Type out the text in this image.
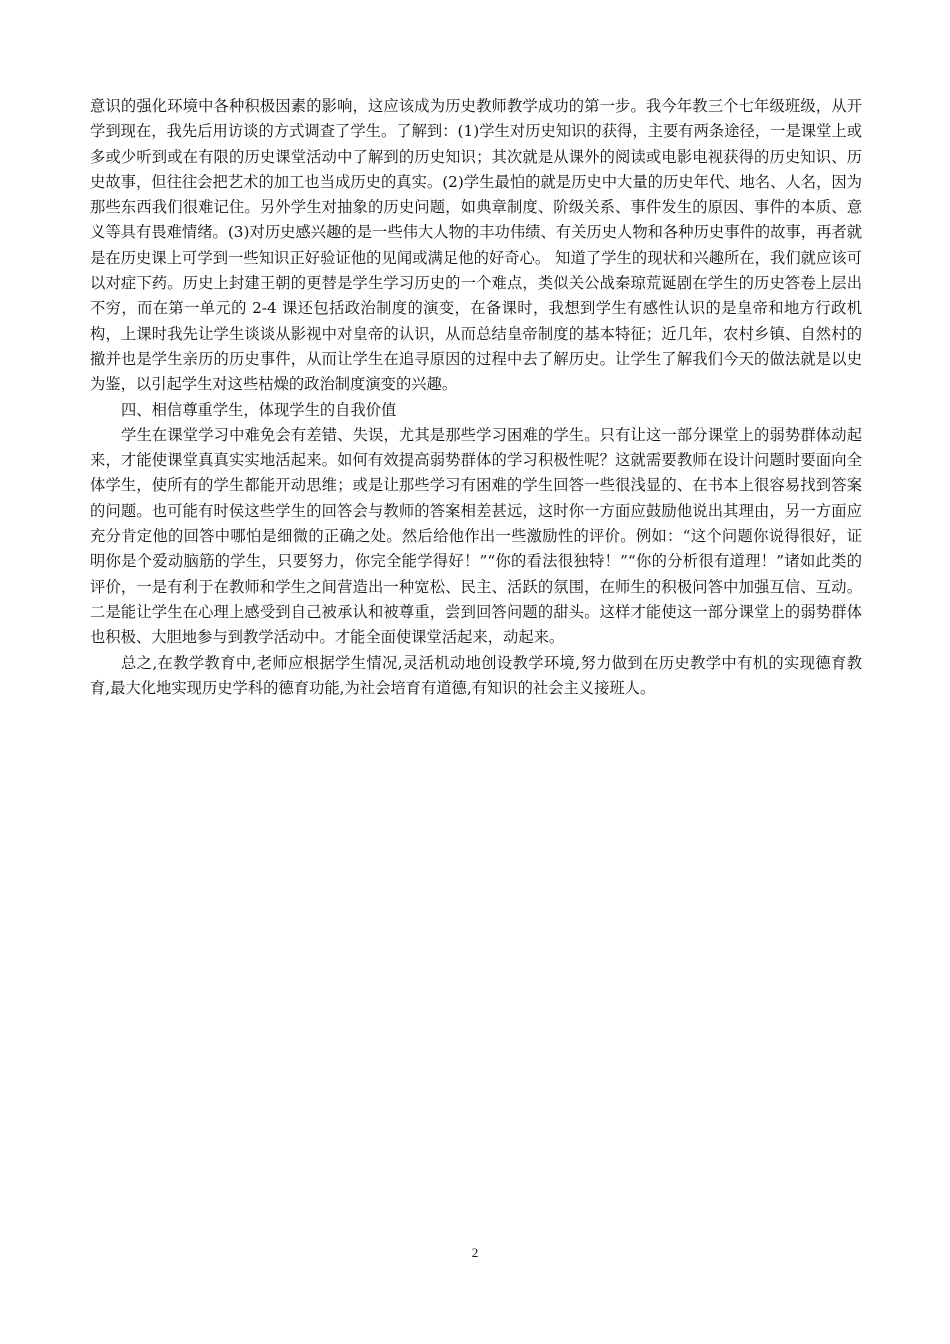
意识的强化环境中各种积极因素的影响，这应该成为历史教师教学成功的第一步。我今年教三个七年级班级，从开学到现在，我先后用访谈的方式调查了学生。了解到：(1)学生对历史知识的获得，主要有两条途径，一是课堂上或多或少听到或在有限的历史课堂活动中了解到的历史知识；其次就是从课外的阅读或电影电视获得的历史知识、历史故事，但往往会把艺术的加工也当成历史的真实。(2)学生最怕的就是历史中大量的历史年代、地名、人名，因为那些东西我们很难记住。另外学生对抽象的历史问题，如典章制度、阶级关系、事件发生的原因、事件的本质、意义等具有畏难情绪。(3)对历史感兴趣的是一些伟大人物的丰功伟绩、有关历史人物和各种历史事件的故事，再者就是在历史课上可学到一些知识正好验证他的见闻或满足他的好奇心。 知道了学生的现状和兴趣所在，我们就应该可以对症下药。历史上封建王朝的更替是学生学习历史的一个难点，类似关公战秦琼荒诞剧在学生的历史答卷上层出不穷，而在第一单元的 2-4 课还包括政治制度的演变，在备课时，我想到学生有感性认识的是皇帝和地方行政机构，上课时我先让学生谈谈从影视中对皇帝的认识，从而总结皇帝制度的基本特征；近几年，农村乡镇、自然村的撤并也是学生亲历的历史事件，从而让学生在追寻原因的过程中去了解历史。让学生了解我们今天的做法就是以史为鉴，以引起学生对这些枯燥的政治制度演变的兴趣。

四、相信尊重学生，体现学生的自我价值

学生在课堂学习中难免会有差错、失误，尤其是那些学习困难的学生。只有让这一部分课堂上的弱势群体动起来，才能使课堂真真实实地活起来。如何有效提高弱势群体的学习积极性呢？这就需要教师在设计问题时要面向全体学生，使所有的学生都能开动思维；或是让那些学习有困难的学生回答一些很浅显的、在书本上很容易找到答案的问题。也可能有时侯这些学生的回答会与教师的答案相差甚远，这时你一方面应鼓励他说出其理由，另一方面应充分肯定他的回答中哪怕是细微的正确之处。然后给他作出一些激励性的评价。例如：“这个问题你说得很好，证明你是个爱动脑筋的学生，只要努力，你完全能学得好！”“你的看法很独特！”“你的分析很有道理！”诸如此类的评价，一是有利于在教师和学生之间营造出一种宽松、民主、活跃的氛围，在师生的积极问答中加强互信、互动。二是能让学生在心理上感受到自己被承认和被尊重，尝到回答问题的甜头。这样才能使这一部分课堂上的弱势群体也积极、大胆地参与到教学活动中。才能全面使课堂活起来，动起来。

总之,在教学教育中,老师应根据学生情况,灵活机动地创设教学环境,努力做到在历史教学中有机的实现德育教育,最大化地实现历史学科的德育功能,为社会培育有道德,有知识的社会主义接班人。

2
